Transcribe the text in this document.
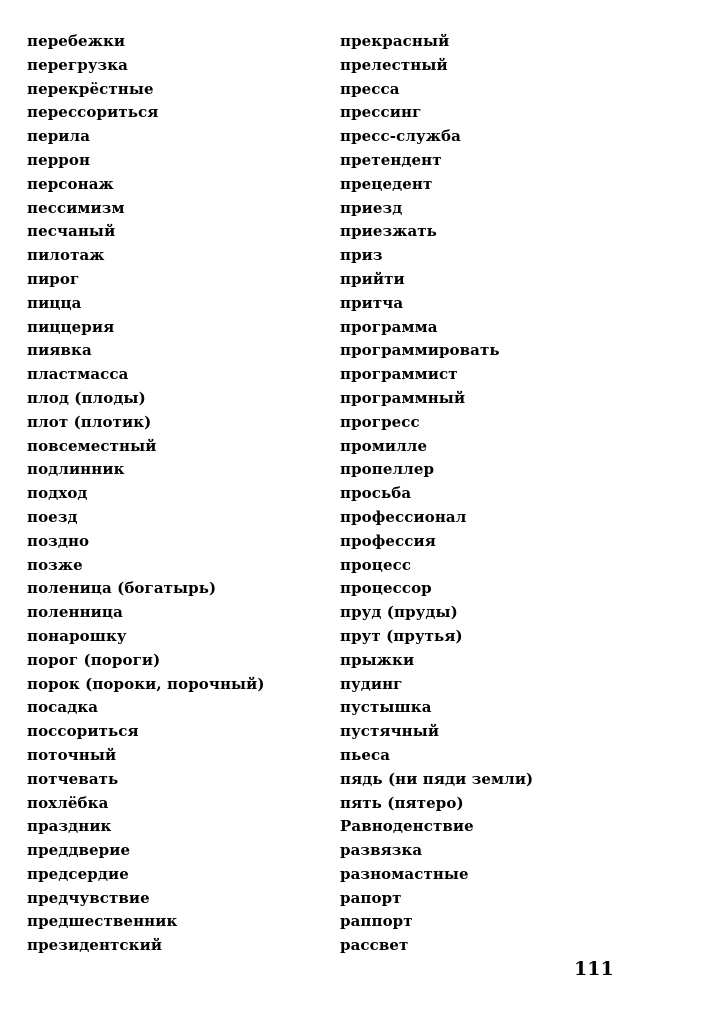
перебежки
перегрузка
перекрёстные
перессориться
перила
перрон
персонаж
пессимизм
песчаный
пилотаж
пирог
пицца
пиццерия
пиявка
пластмасса
плод (плоды)
плот (плотик)
повсеместный
подлинник
подход
поезд
поздно
позже
поленица (богатырь)
поленница
понарошку
порог (пороги)
порок (пороки, порочный)
посадка
поссориться
поточный
потчевать
похлёбка
праздник
преддверие
предсердие
предчувствие
предшественник
президентский
прекрасный
прелестный
пресса
прессинг
пресс-служба
претендент
прецедент
приезд
приезжать
приз
прийти
притча
программа
программировать
программист
программный
прогресс
промилле
пропеллер
просьба
профессионал
профессия
процесс
процессор
пруд (пруды)
прут (прутья)
прыжки
пудинг
пустышка
пустячный
пьеса
пядь (ни пяди земли)
пять (пятеро)
Равноденствие
развязка
разномастные
рапорт
раппорт
рассвет
111
